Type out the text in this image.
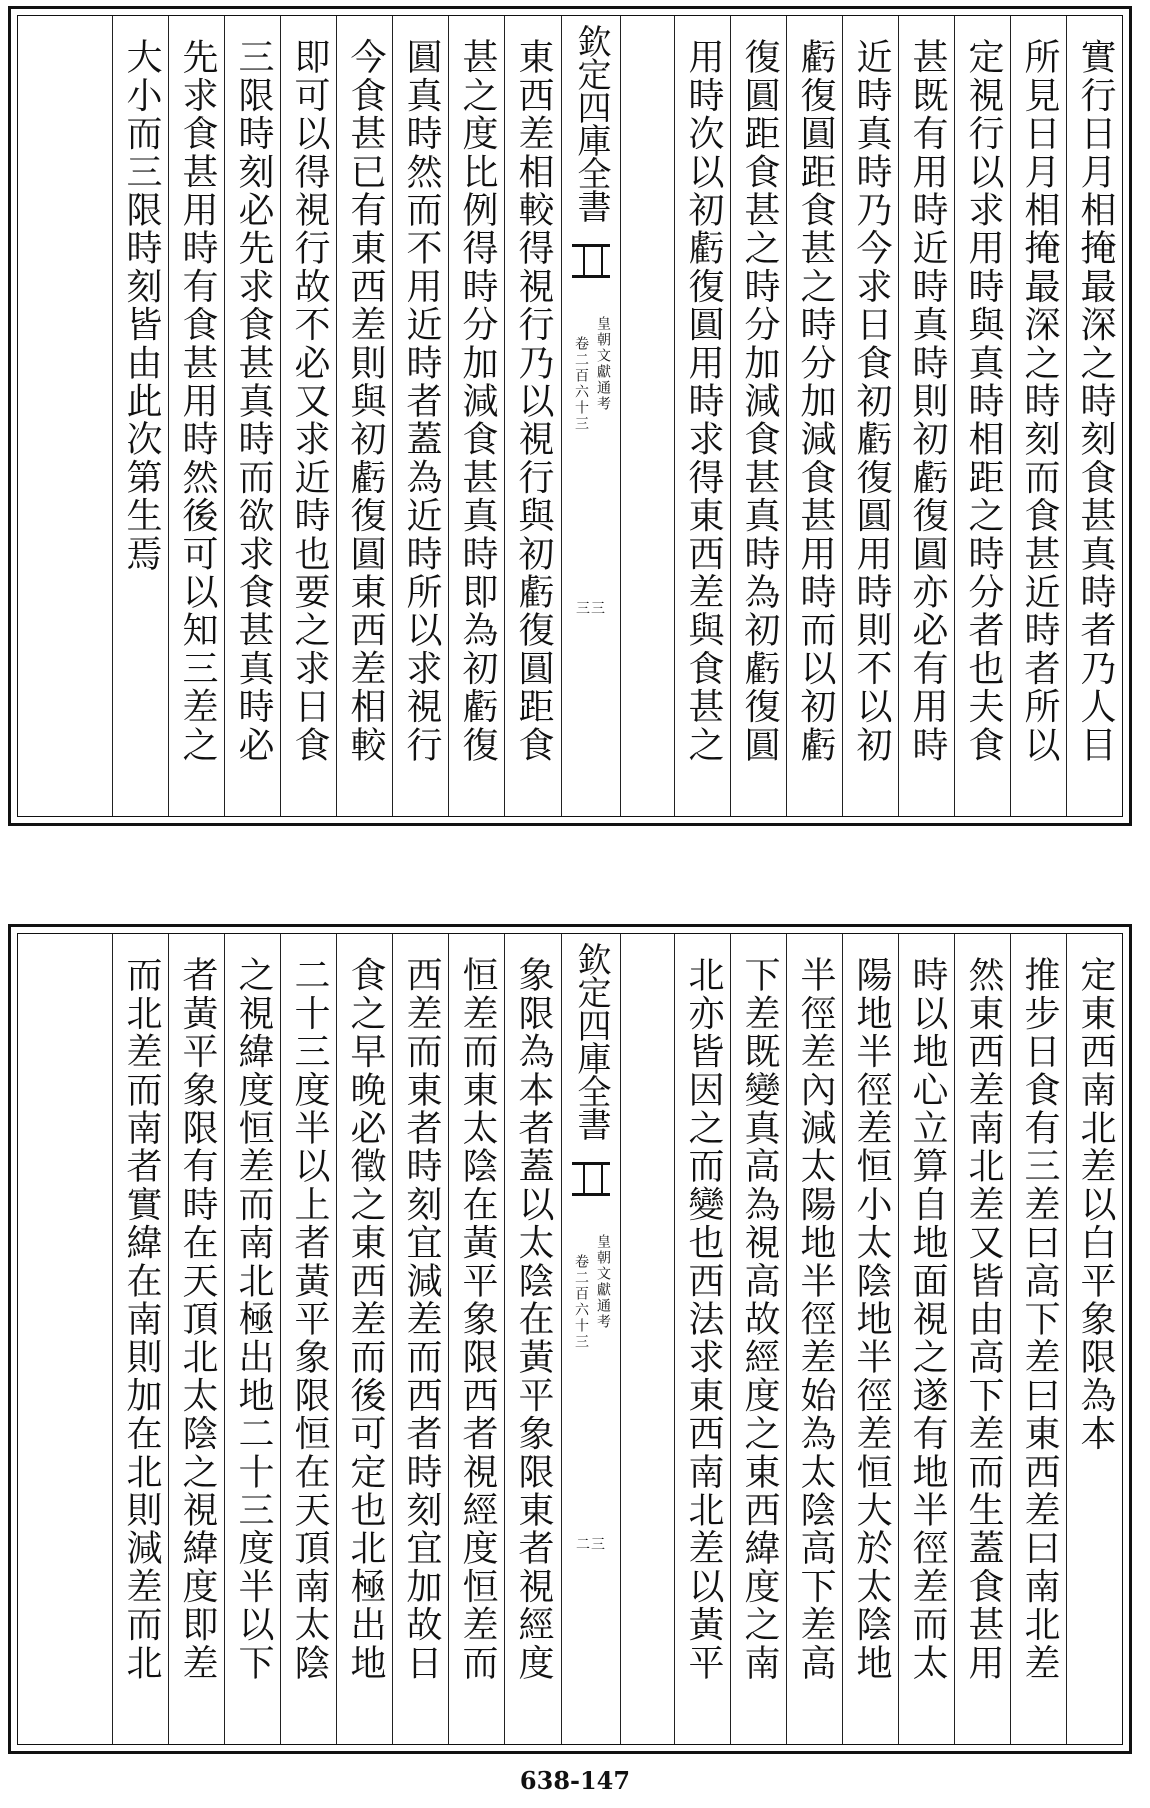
實行日月相掩最深之時刻食甚真時者乃人目
所見日月相掩最深之時刻而食甚近時者所以
定視行以求用時與真時相距之時分者也夫食
甚既有用時近時真時則初虧復圓亦必有用時
近時真時乃今求日食初虧復圓用時則不以初
虧復圓距食甚之時分加減食甚用時而以初虧
復圓距食甚之時分加減食甚真時為初虧復圓
用時次以初虧復圓用時求得東西差與食甚之
欽定四庫全書
皇朝文獻通考
卷二百六十三
三三
東西差相較得視行乃以視行與初虧復圓距食
甚之度比例得時分加減食甚真時即為初虧復
圓真時然而不用近時者蓋為近時所以求視行
今食甚已有東西差則與初虧復圓東西差相較
即可以得視行故不必又求近時也要之求日食
三限時刻必先求食甚真時而欲求食甚真時必
先求食甚用時有食甚用時然後可以知三差之
大小而三限時刻皆由此次第生焉
定東西南北差以白平象限為本
推步日食有三差曰高下差曰東西差曰南北差
然東西差南北差又皆由高下差而生蓋食甚用
時以地心立算自地面視之遂有地半徑差而太
陽地半徑差恒小太陰地半徑差恒大於太陰地
半徑差內減太陽地半徑差始為太陰高下差高
下差既變真高為視高故經度之東西緯度之南
北亦皆因之而變也西法求東西南北差以黃平
欽定四庫全書
皇朝文獻通考
卷二百六十三
二三
象限為本者蓋以太陰在黃平象限東者視經度
恒差而東太陰在黃平象限西者視經度恒差而
西差而東者時刻宜減差而西者時刻宜加故日
食之早晚必徵之東西差而後可定也北極出地
二十三度半以上者黃平象限恒在天頂南太陰
之視緯度恒差而南北極出地二十三度半以下
者黃平象限有時在天頂北太陰之視緯度即差
而北差而南者實緯在南則加在北則減差而北
638-147
